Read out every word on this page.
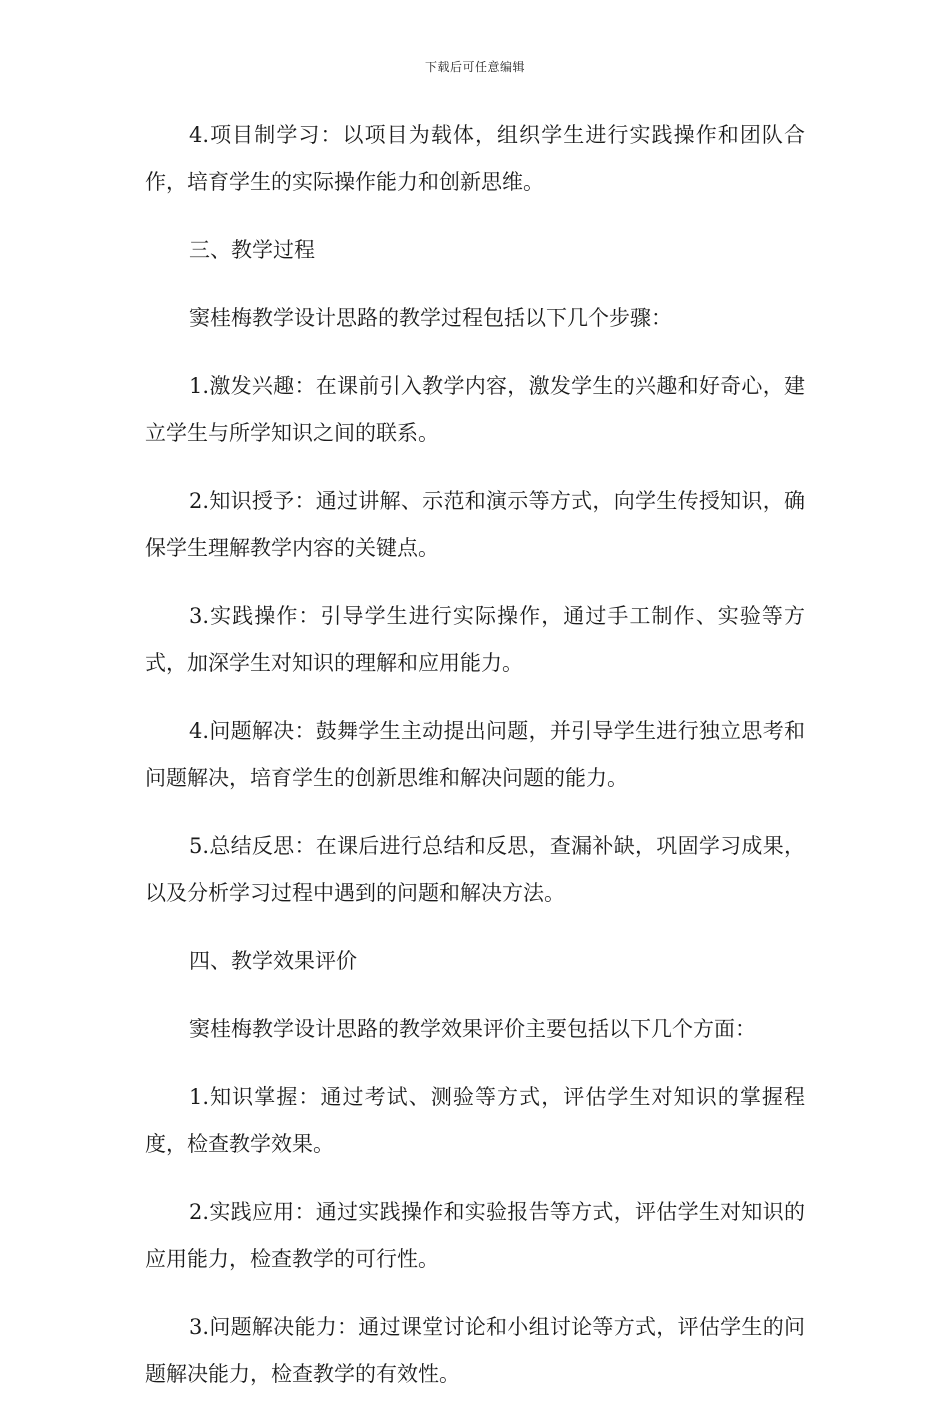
下载后可任意编辑

4.项目制学习：以项目为载体，组织学生进行实践操作和团队合作，培育学生的实际操作能力和创新思维。

三、教学过程

窦桂梅教学设计思路的教学过程包括以下几个步骤：

1.激发兴趣：在课前引入教学内容，激发学生的兴趣和好奇心，建立学生与所学知识之间的联系。

2.知识授予：通过讲解、示范和演示等方式，向学生传授知识，确保学生理解教学内容的关键点。

3.实践操作：引导学生进行实际操作，通过手工制作、实验等方式，加深学生对知识的理解和应用能力。

4.问题解决：鼓舞学生主动提出问题，并引导学生进行独立思考和问题解决，培育学生的创新思维和解决问题的能力。

5.总结反思：在课后进行总结和反思，查漏补缺，巩固学习成果，以及分析学习过程中遇到的问题和解决方法。

四、教学效果评价

窦桂梅教学设计思路的教学效果评价主要包括以下几个方面：

1.知识掌握：通过考试、测验等方式，评估学生对知识的掌握程度，检查教学效果。

2.实践应用：通过实践操作和实验报告等方式，评估学生对知识的应用能力，检查教学的可行性。

3.问题解决能力：通过课堂讨论和小组讨论等方式，评估学生的问题解决能力，检查教学的有效性。
